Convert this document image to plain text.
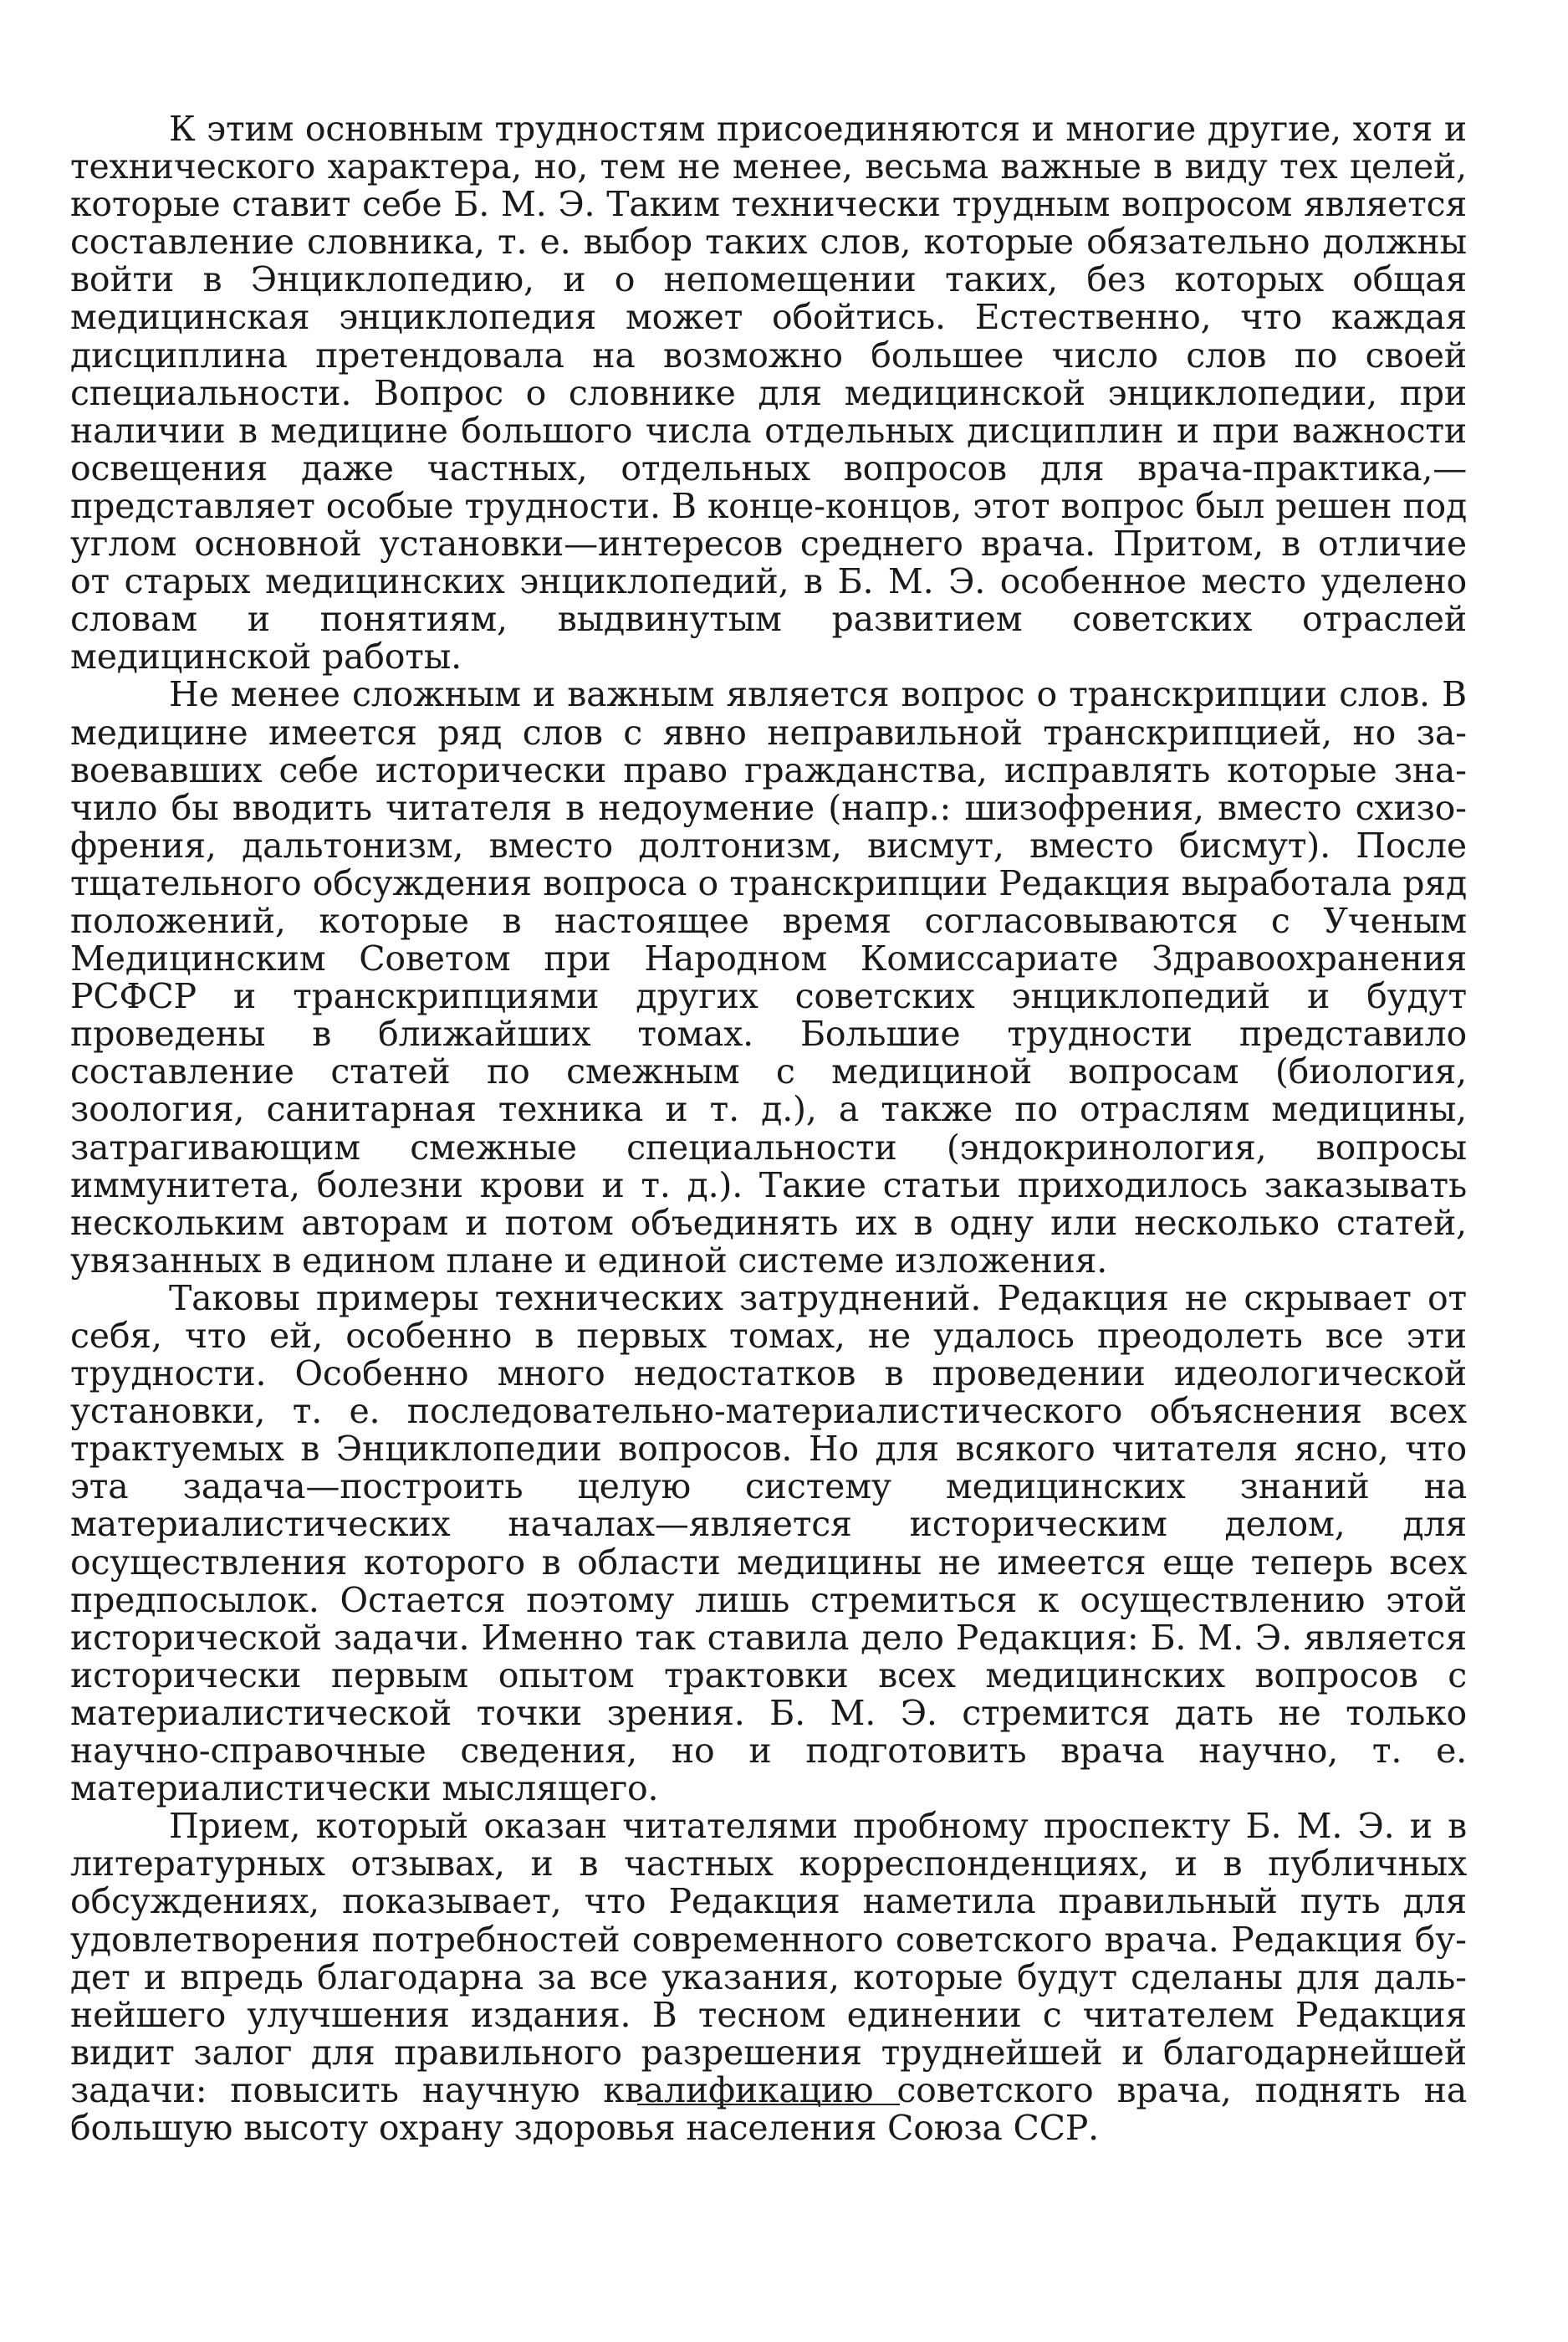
К этим основным трудностям присоединяются и многие другие, хотя и технического характера, но, тем не менее, весьма важные в виду тех целей, которые ставит себе Б. М. Э. Таким технически трудным вопросом является составление словника, т. е. выбор таких слов, которые обязательно должны войти в Энциклопедию, и о непомещении таких, без которых общая медицинская энциклопедия может обойтись. Естественно, что каждая дисциплина претендовала на возможно большее число слов по своей специальности. Вопрос о словнике для медицинской энциклопедии, при наличии в медицине большого числа отдельных дисциплин и при важности освещения даже частных, отдельных вопросов для врача-практика,—представляет особые трудности. В конце-концов, этот вопрос был решен под углом основной установки—интересов среднего врача. Притом, в отличие от старых медицинских энциклопедий, в Б. М. Э. особенное место уделено словам и понятиям, выдвинутым развитием советских отраслей медицинской работы.

Не менее сложным и важным является вопрос о транскрипции слов. В медицине имеется ряд слов с явно неправильной транскрипцией, но завоевавших себе исторически право гражданства, исправлять которые значило бы вводить читателя в недоумение (напр.: шизофрения, вместо схизофрения, дальтонизм, вместо долтонизм, висмут, вместо бисмут). После тщательного обсуждения вопроса о транскрипции Редакция выработала ряд положений, которые в настоящее время согласовываются с Ученым Медицинским Советом при Народном Комиссариате Здравоохранения РСФСР и транскрипциями других советских энциклопедий и будут проведены в ближайших томах. Большие трудности представило составление статей по смежным с медициной вопросам (биология, зоология, санитарная техника и т. д.), а также по отраслям медицины, затрагивающим смежные специальности (эндокринология, вопросы иммунитета, болезни крови и т. д.). Такие статьи приходилось заказывать нескольким авторам и потом объединять их в одну или несколько статей, увязанных в едином плане и единой системе изложения.

Таковы примеры технических затруднений. Редакция не скрывает от себя, что ей, особенно в первых томах, не удалось преодолеть все эти трудности. Особенно много недостатков в проведении идеологической установки, т. е. последовательно-материалистического объяснения всех трактуемых в Энциклопедии вопросов. Но для всякого читателя ясно, что эта задача—построить целую систему медицинских знаний на материалистических началах—является историческим делом, для осуществления которого в области медицины не имеется еще теперь всех предпосылок. Остается поэтому лишь стремиться к осуществлению этой исторической задачи. Именно так ставила дело Редакция: Б. М. Э. является исторически первым опытом трактовки всех медицинских вопросов с материалистической точки зрения. Б. М. Э. стремится дать не только научно-справочные сведения, но и подготовить врача научно, т. е. материалистически мыслящего.

Прием, который оказан читателями пробному проспекту Б. М. Э. и в литературных отзывах, и в частных корреспонденциях, и в публичных обсуждениях, показывает, что Редакция наметила правильный путь для удовлетворения потребностей современного советского врача. Редакция будет и впредь благодарна за все указания, которые будут сделаны для дальнейшего улучшения издания. В тесном единении с читателем Редакция видит залог для правильного разрешения труднейшей и благодарнейшей задачи: повысить научную квалификацию советского врача, поднять на большую высоту охрану здоровья населения Союза ССР.
